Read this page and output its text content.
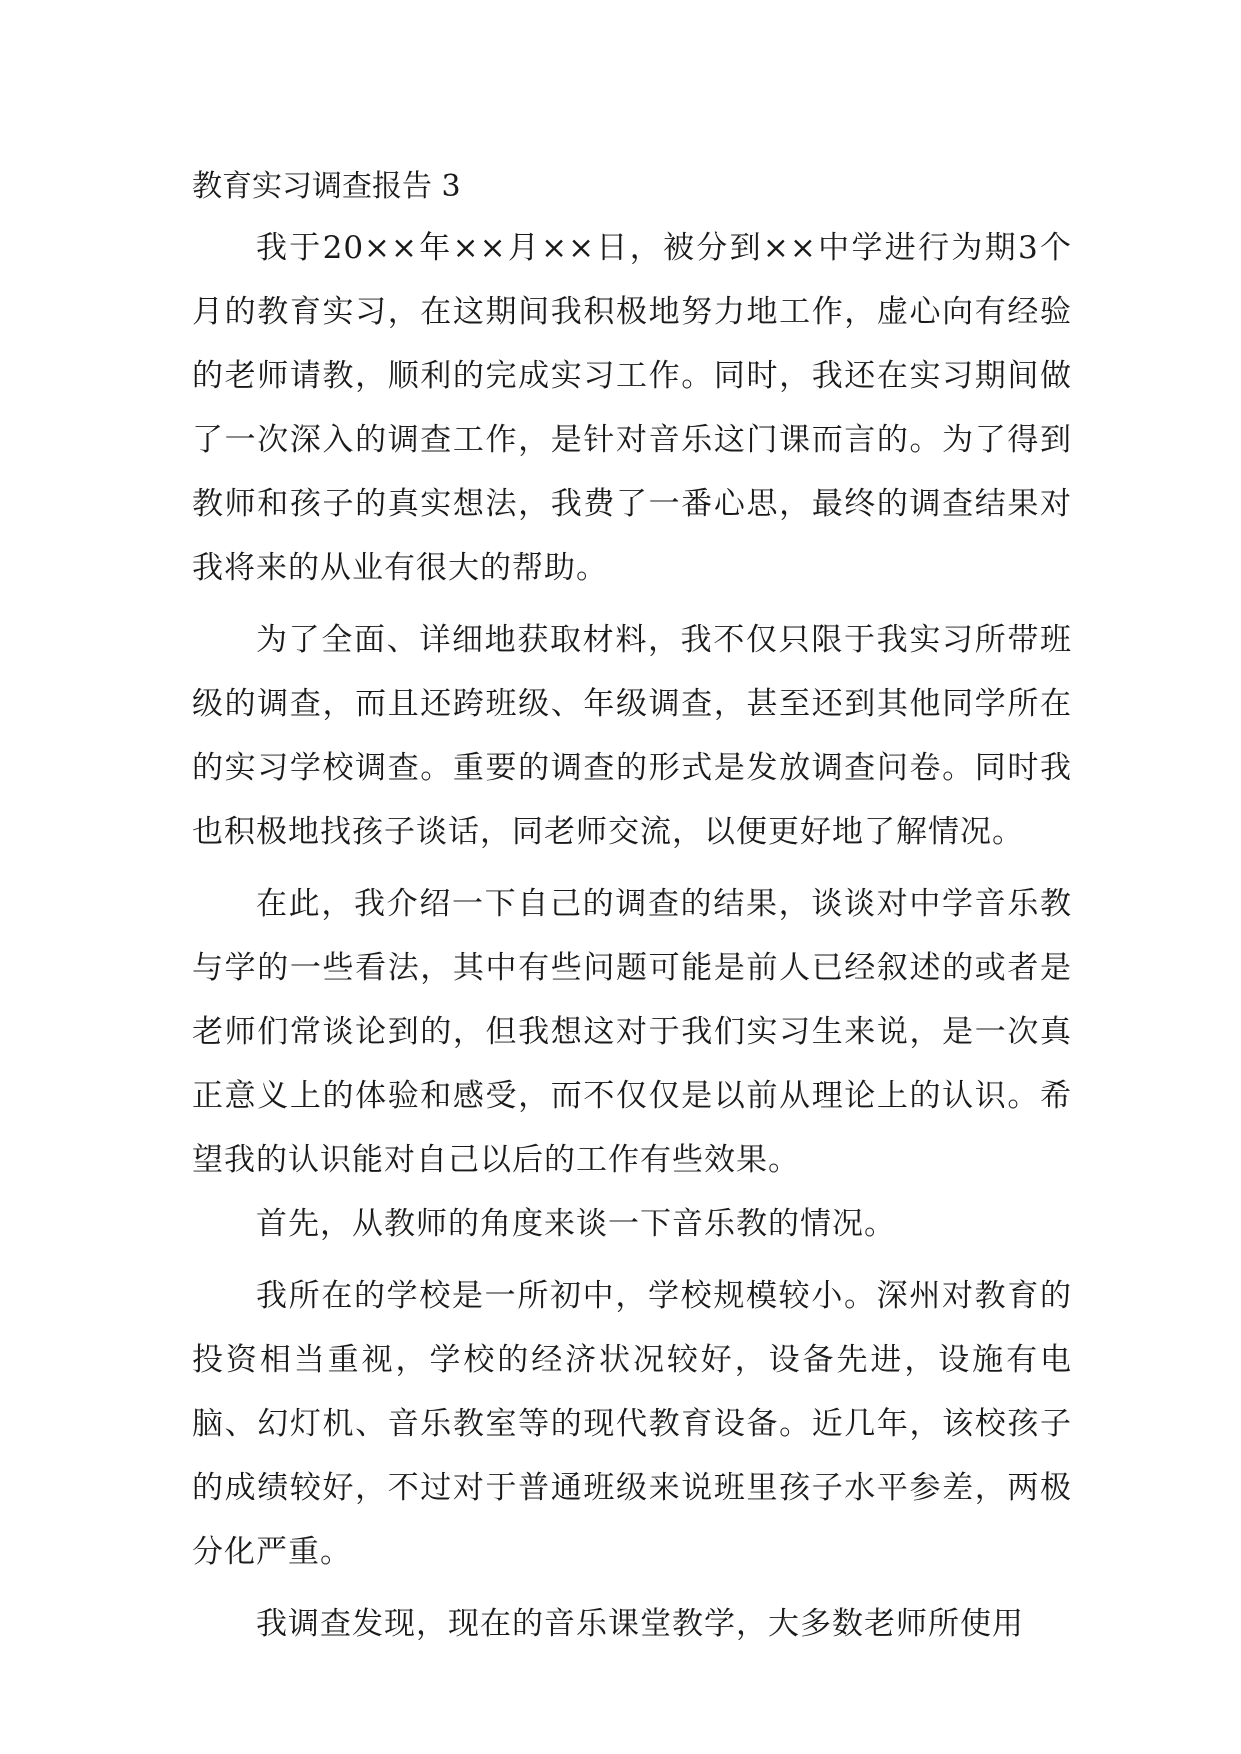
教育实习调查报告 3

我于20××年××月××日，被分到××中学进行为期3个月的教育实习，在这期间我积极地努力地工作，虚心向有经验的老师请教，顺利的完成实习工作。同时，我还在实习期间做了一次深入的调查工作，是针对音乐这门课而言的。为了得到教师和孩子的真实想法，我费了一番心思，最终的调查结果对我将来的从业有很大的帮助。

为了全面、详细地获取材料，我不仅只限于我实习所带班级的调查，而且还跨班级、年级调查，甚至还到其他同学所在的实习学校调查。重要的调查的形式是发放调查问卷。同时我也积极地找孩子谈话，同老师交流，以便更好地了解情况。

在此，我介绍一下自己的调查的结果，谈谈对中学音乐教与学的一些看法，其中有些问题可能是前人已经叙述的或者是老师们常谈论到的，但我想这对于我们实习生来说，是一次真正意义上的体验和感受，而不仅仅是以前从理论上的认识。希望我的认识能对自己以后的工作有些效果。

首先，从教师的角度来谈一下音乐教的情况。

我所在的学校是一所初中，学校规模较小。深州对教育的投资相当重视，学校的经济状况较好，设备先进，设施有电脑、幻灯机、音乐教室等的现代教育设备。近几年，该校孩子的成绩较好，不过对于普通班级来说班里孩子水平参差，两极分化严重。

我调查发现，现在的音乐课堂教学，大多数老师所使用
